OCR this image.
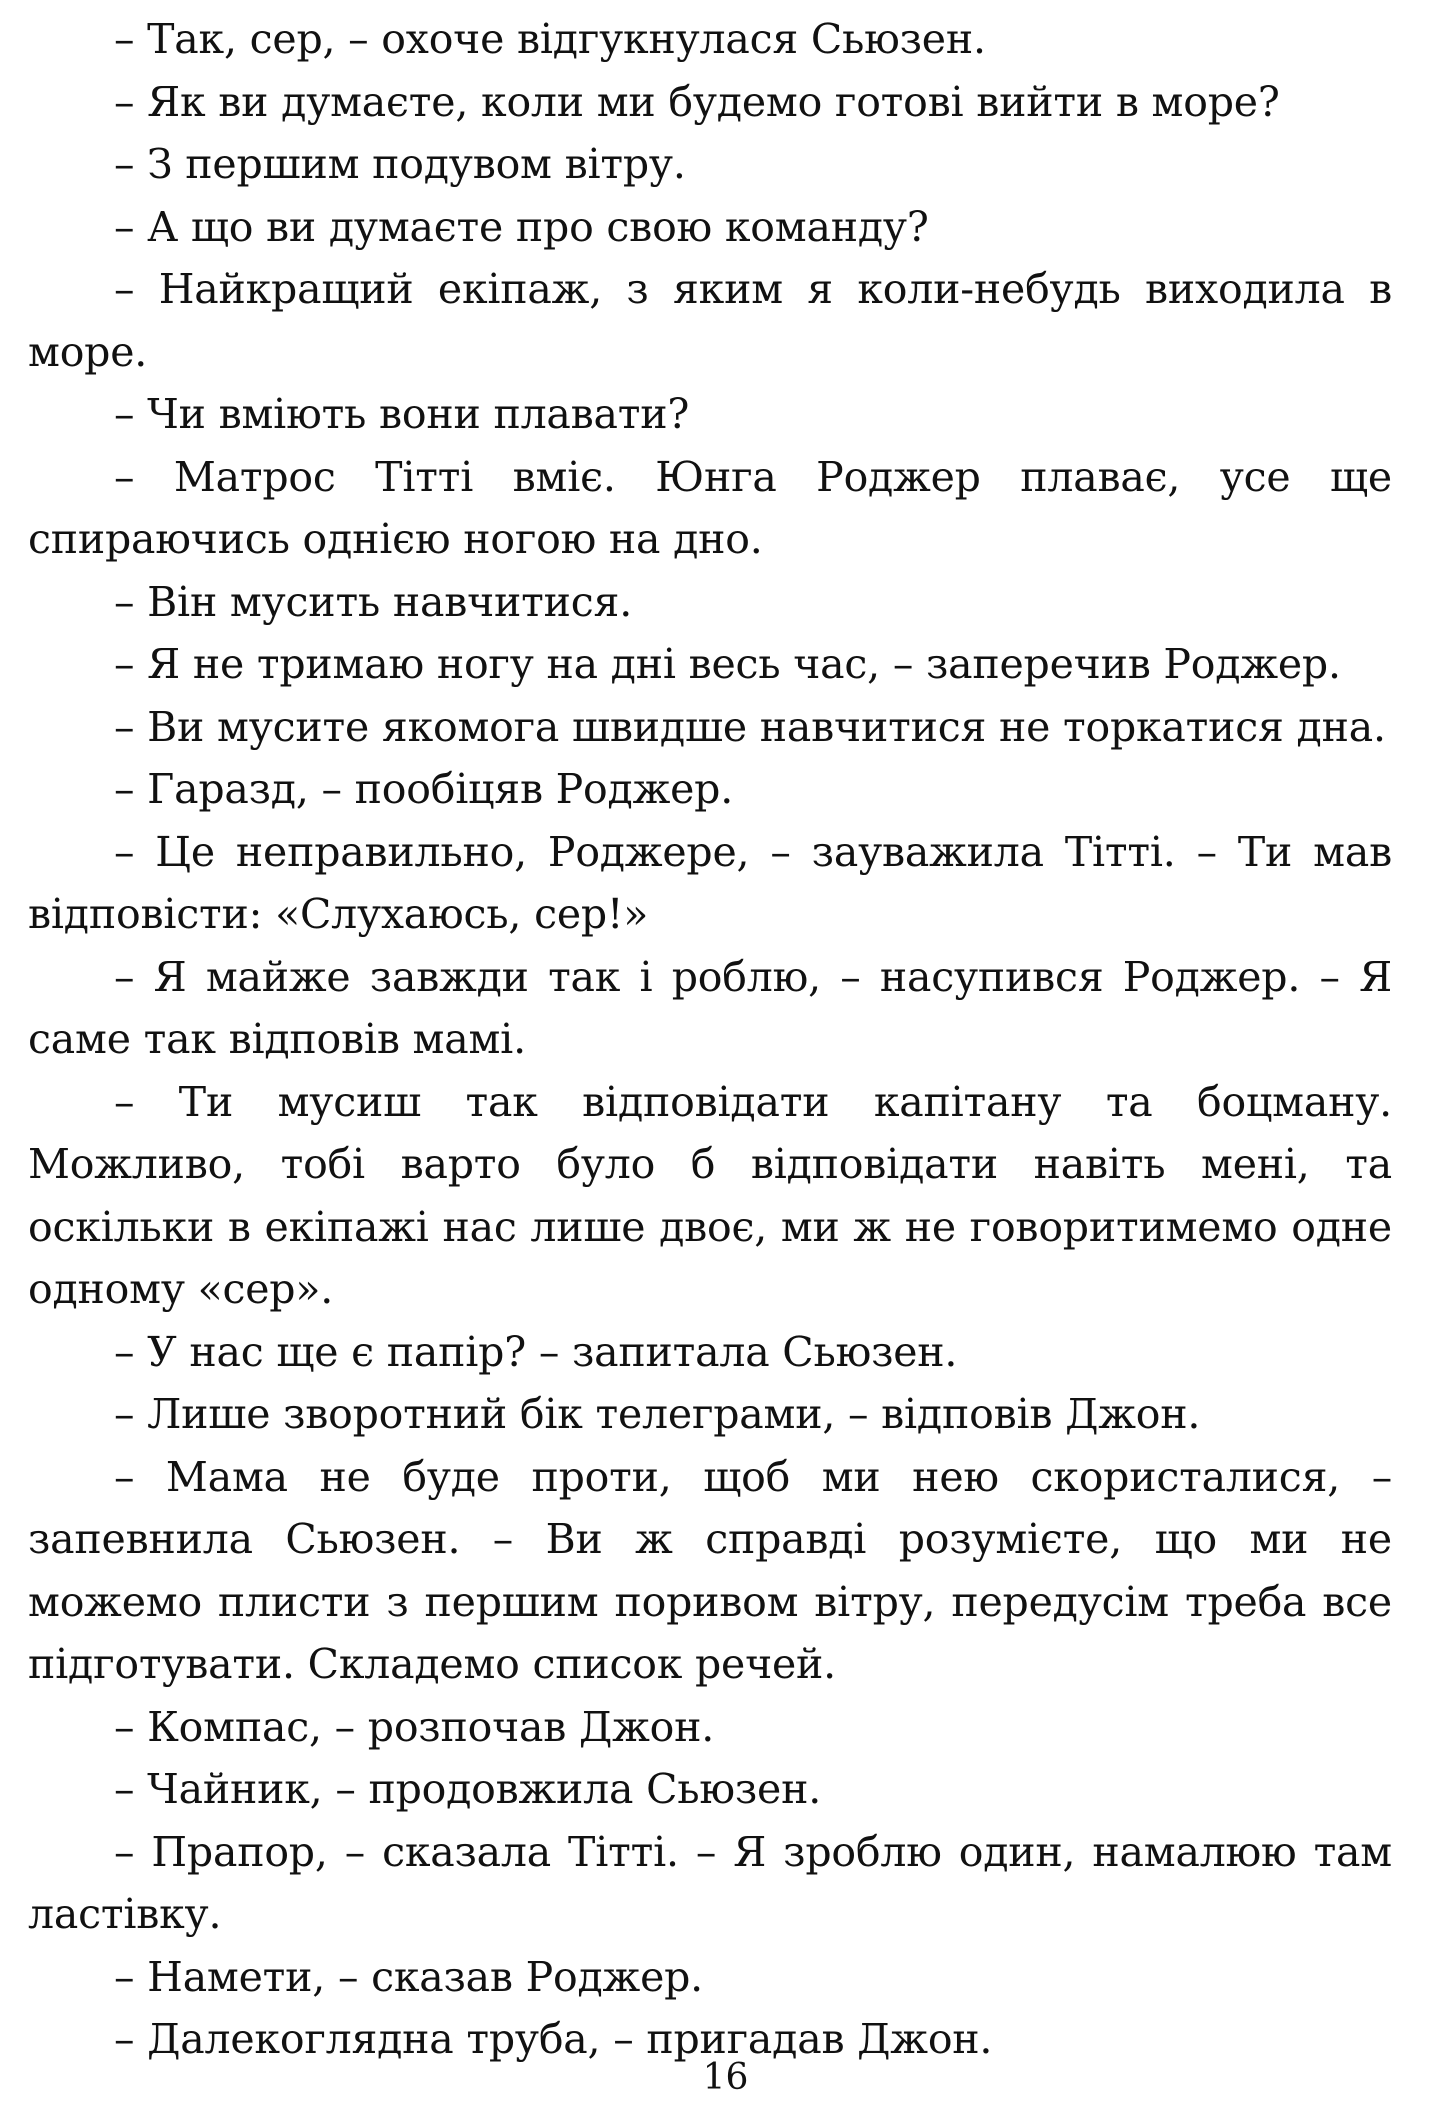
– Так, сер, – охоче відгукнулася Сьюзен.

– Як ви думаєте, коли ми будемо готові вийти в море?

– З першим подувом вітру.

– А що ви думаєте про свою команду?

– Найкращий екіпаж, з яким я коли-небудь виходила в море.

– Чи вміють вони плавати?

– Матрос Тітті вміє. Юнга Роджер плаває, усе ще спираючись однією ногою на дно.

– Він мусить навчитися.

– Я не тримаю ногу на дні весь час, – заперечив Роджер.

– Ви мусите якомога швидше навчитися не торкатися дна.

– Гаразд, – пообіцяв Роджер.

– Це неправильно, Роджере, – зауважила Тітті. – Ти мав відповісти: «Слухаюсь, сер!»

– Я майже завжди так і роблю, – насупився Роджер. – Я саме так відповів мамі.

– Ти мусиш так відповідати капітану та боцману. Можливо, тобі варто було б відповідати навіть мені, та оскільки в екіпажі нас лише двоє, ми ж не говоритимемо одне одному «сер».

– У нас ще є папір? – запитала Сьюзен.

– Лише зворотний бік телеграми, – відповів Джон.

– Мама не буде проти, щоб ми нею скористалися, – запевнила Сьюзен. – Ви ж справді розумієте, що ми не можемо плисти з першим поривом вітру, передусім треба все підготувати. Складемо список речей.

– Компас, – розпочав Джон.

– Чайник, – продовжила Сьюзен.

– Прапор, – сказала Тітті. – Я зроблю один, намалюю там ластівку.

– Намети, – сказав Роджер.

– Далекоглядна труба, – пригадав Джон.

16
